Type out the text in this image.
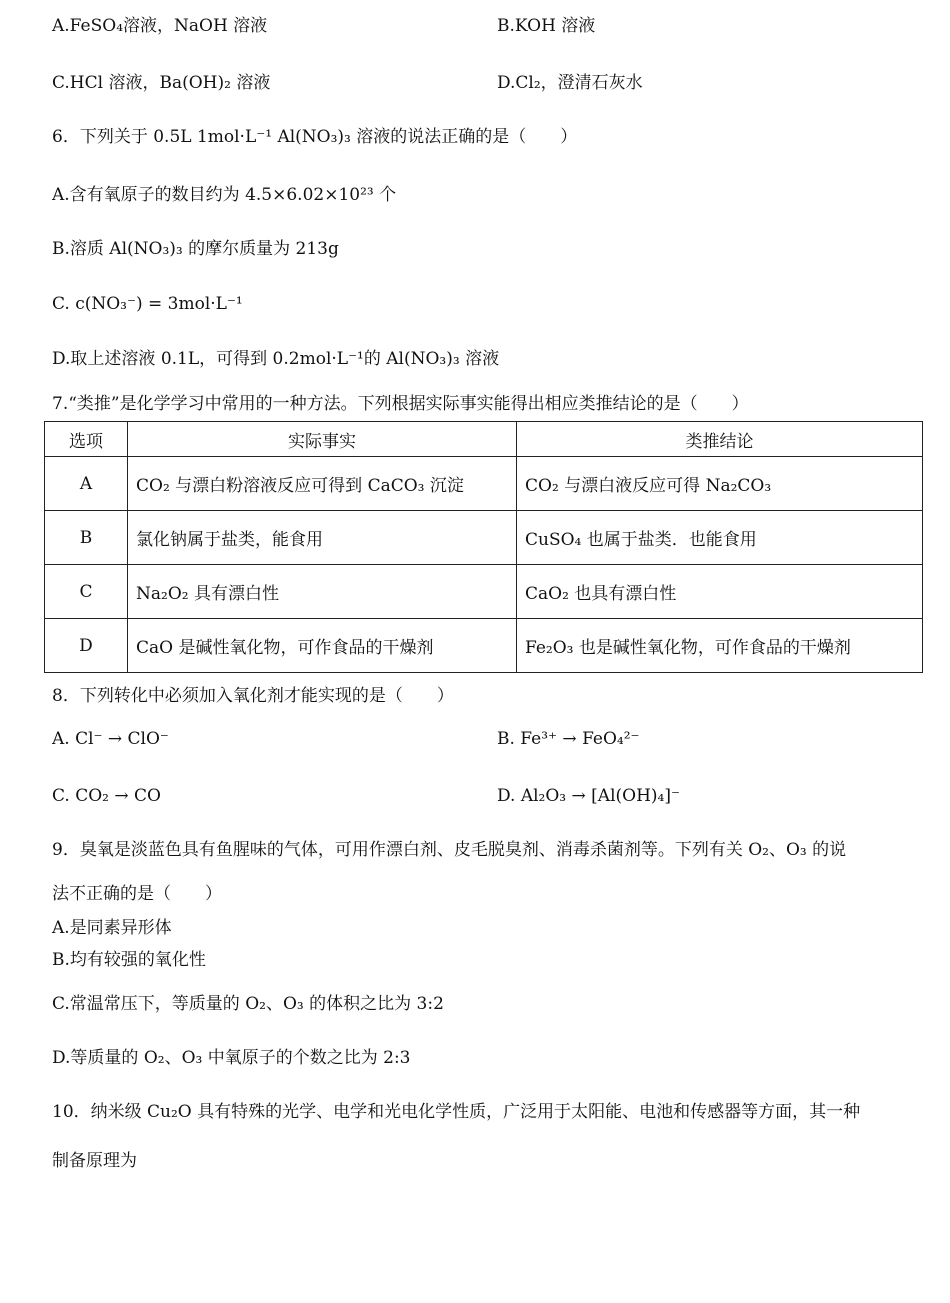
A.FeSO₄溶液，NaOH 溶液	B.KOH 溶液
C.HCl 溶液，Ba(OH)₂ 溶液	D.Cl₂，澄清石灰水
6．下列关于 0.5L 1mol·L⁻¹ Al(NO₃)₃ 溶液的说法正确的是（　　）
A.含有氧原子的数目约为 4.5×6.02×10²³ 个
B.溶质 Al(NO₃)₃ 的摩尔质量为 213g
C. c(NO₃⁻) = 3mol·L⁻¹
D.取上述溶液 0.1L，可得到 0.2mol·L⁻¹的 Al(NO₃)₃ 溶液
7.“类推”是化学学习中常用的一种方法。下列根据实际事实能得出相应类推结论的是（　　）
选项	实际事实	类推结论
A	CO₂ 与漂白粉溶液反应可得到 CaCO₃ 沉淀	CO₂ 与漂白液反应可得 Na₂CO₃
B	氯化钠属于盐类，能食用	CuSO₄ 也属于盐类．也能食用
C	Na₂O₂ 具有漂白性	CaO₂ 也具有漂白性
D	CaO 是碱性氧化物，可作食品的干燥剂	Fe₂O₃ 也是碱性氧化物，可作食品的干燥剂
8．下列转化中必须加入氧化剂才能实现的是（　　）
A. Cl⁻ → ClO⁻	B. Fe³⁺ → FeO₄²⁻
C. CO₂ → CO	D. Al₂O₃ → [Al(OH)₄]⁻
9．臭氧是淡蓝色具有鱼腥味的气体，可用作漂白剂、皮毛脱臭剂、消毒杀菌剂等。下列有关 O₂、O₃ 的说
法不正确的是（　　）
A.是同素异形体
B.均有较强的氧化性
C.常温常压下，等质量的 O₂、O₃ 的体积之比为 3:2
D.等质量的 O₂、O₃ 中氧原子的个数之比为 2:3
10．纳米级 Cu₂O 具有特殊的光学、电学和光电化学性质，广泛用于太阳能、电池和传感器等方面，其一种
制备原理为
